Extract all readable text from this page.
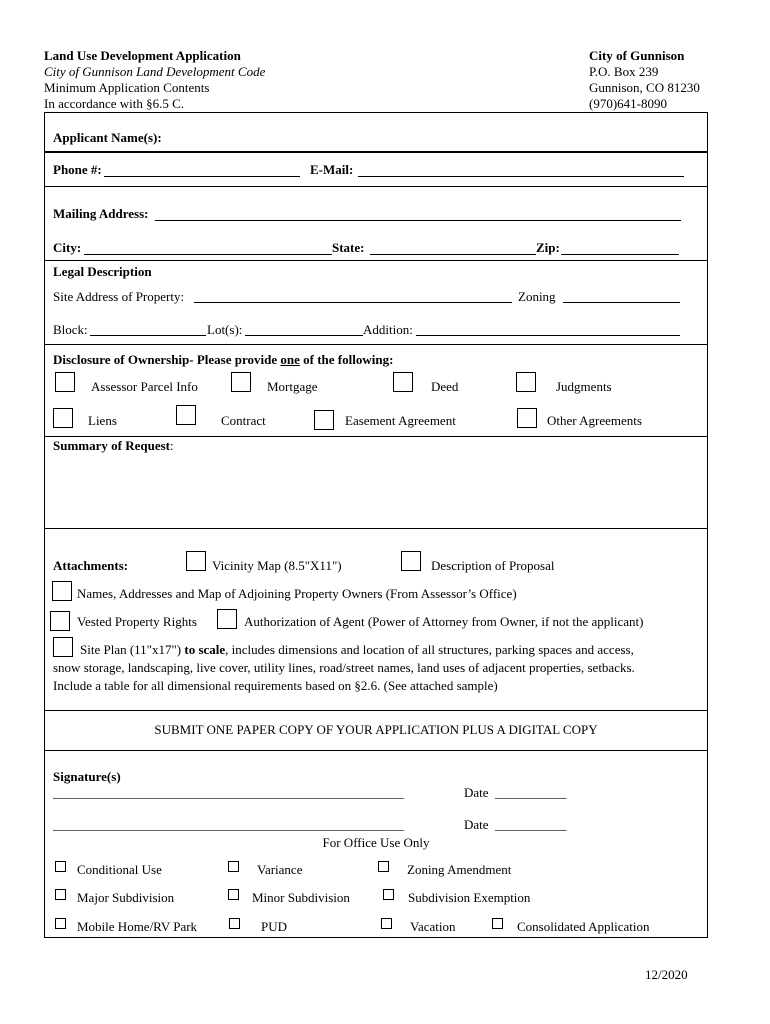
Land Use Development Application
City of Gunnison Land Development Code
Minimum Application Contents
In accordance with §6.5 C.
City of Gunnison
P.O. Box 239
Gunnison, CO 81230
(970)641-8090
Applicant Name(s):
Phone #:	E-Mail:
Mailing Address:
City:	State:	Zip:
Legal Description
Site Address of Property:	Zoning
Block:	Lot(s):	Addition:
Disclosure of Ownership- Please provide one of the following:
Assessor Parcel Info	Mortgage	Deed	Judgments
Liens	Contract	Easement Agreement	Other Agreements
Summary of Request:
Attachments:	Vicinity Map (8.5"X11")	Description of Proposal
Names, Addresses and Map of Adjoining Property Owners (From Assessor’s Office)
Vested Property Rights	Authorization of Agent (Power of Attorney from Owner, if not the applicant)
Site Plan (11"x17") to scale, includes dimensions and location of all structures, parking spaces and access,
snow storage, landscaping, live cover, utility lines, road/street names, land uses of adjacent properties, setbacks.
Include a table for all dimensional requirements based on §2.6. (See attached sample)
SUBMIT ONE PAPER COPY OF YOUR APPLICATION PLUS A DIGITAL COPY
Signature(s)
______________________________________________________	Date ___________
______________________________________________________	Date ___________
For Office Use Only
Conditional Use	Variance	Zoning Amendment
Major Subdivision	Minor Subdivision	Subdivision Exemption
Mobile Home/RV Park	PUD	Vacation	Consolidated Application
12/2020
